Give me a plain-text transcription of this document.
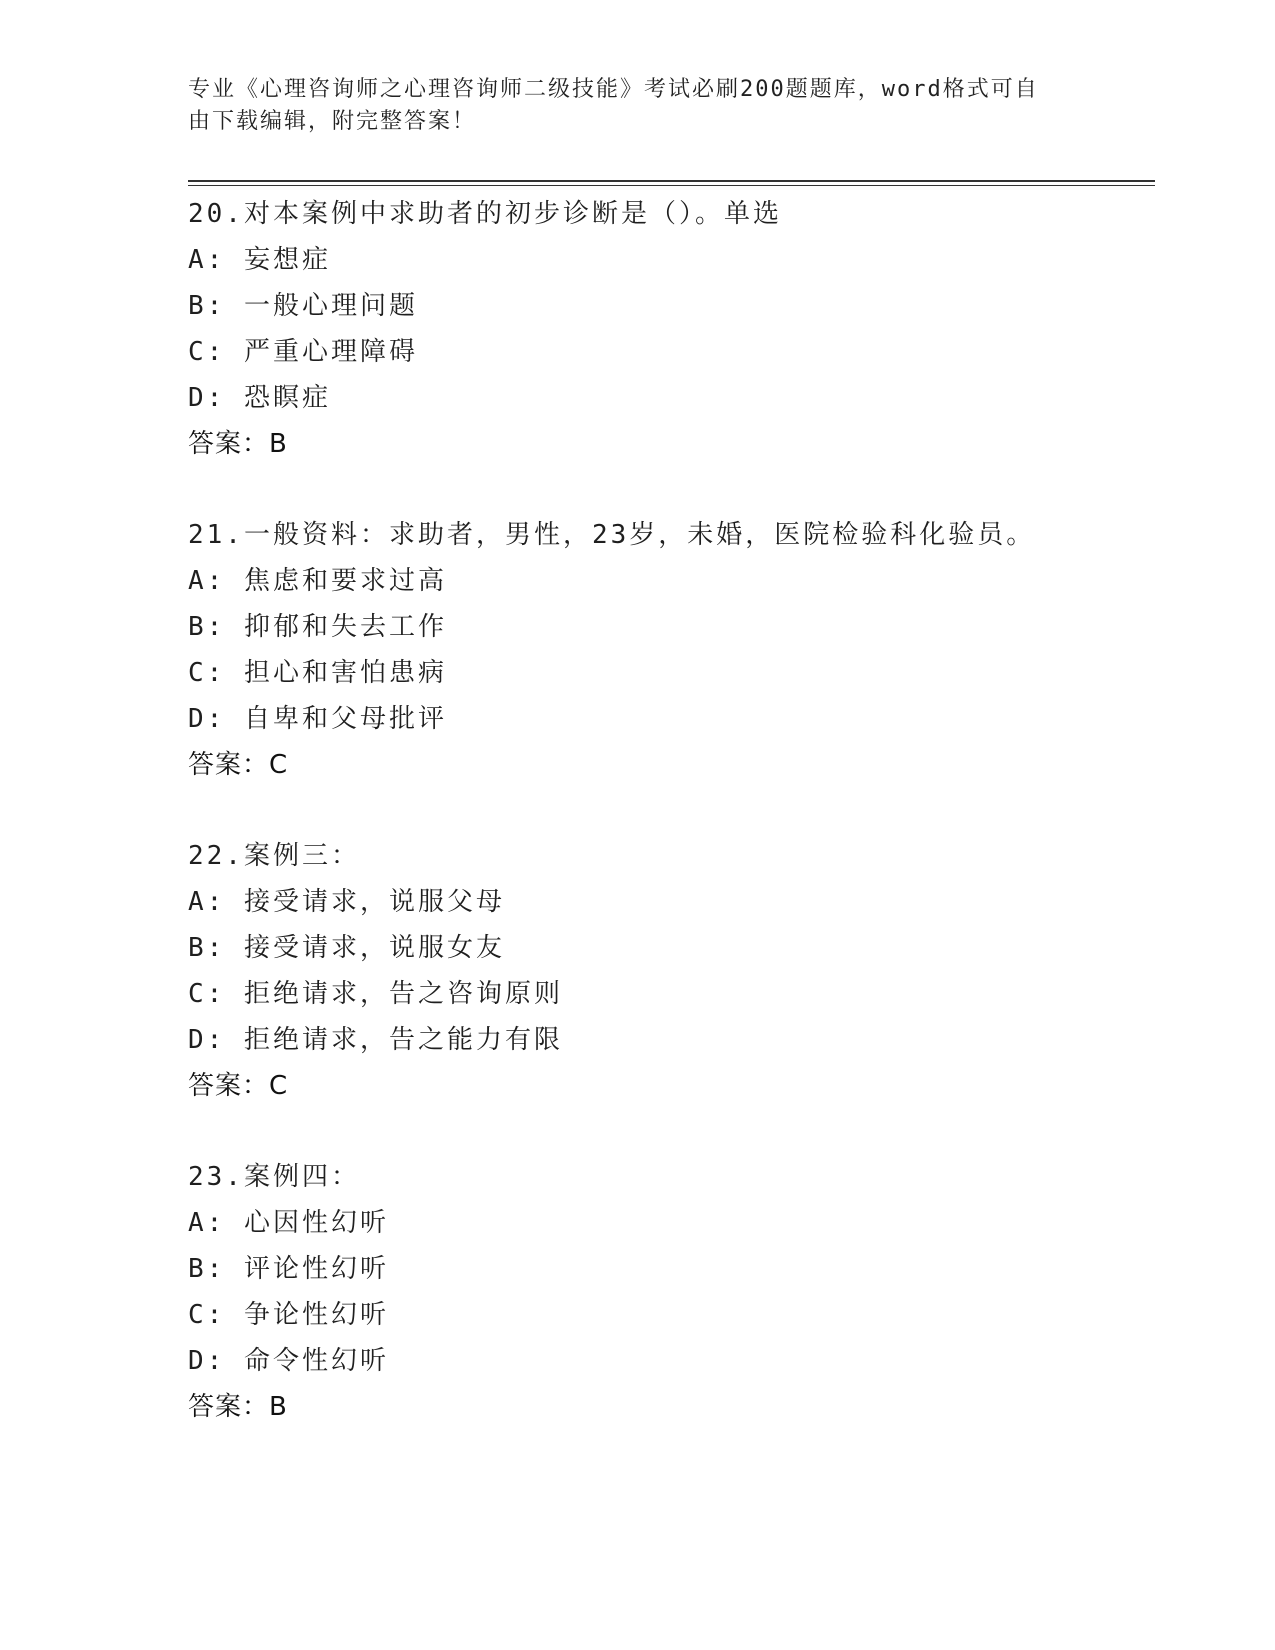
专业《心理咨询师之心理咨询师二级技能》考试必刷200题题库，word格式可自
由下载编辑，附完整答案！
20.对本案例中求助者的初步诊断是（）。单选
A: 妄想症
B: 一般心理问题
C: 严重心理障碍
D: 恐瞑症
答案：B
21.一般资料：求助者，男性，23岁，未婚，医院检验科化验员。
A: 焦虑和要求过高
B: 抑郁和失去工作
C: 担心和害怕患病
D: 自卑和父母批评
答案：C
22.案例三：
A: 接受请求，说服父母
B: 接受请求，说服女友
C: 拒绝请求，告之咨询原则
D: 拒绝请求，告之能力有限
答案：C
23.案例四：
A: 心因性幻听
B: 评论性幻听
C: 争论性幻听
D: 命令性幻听
答案：B
